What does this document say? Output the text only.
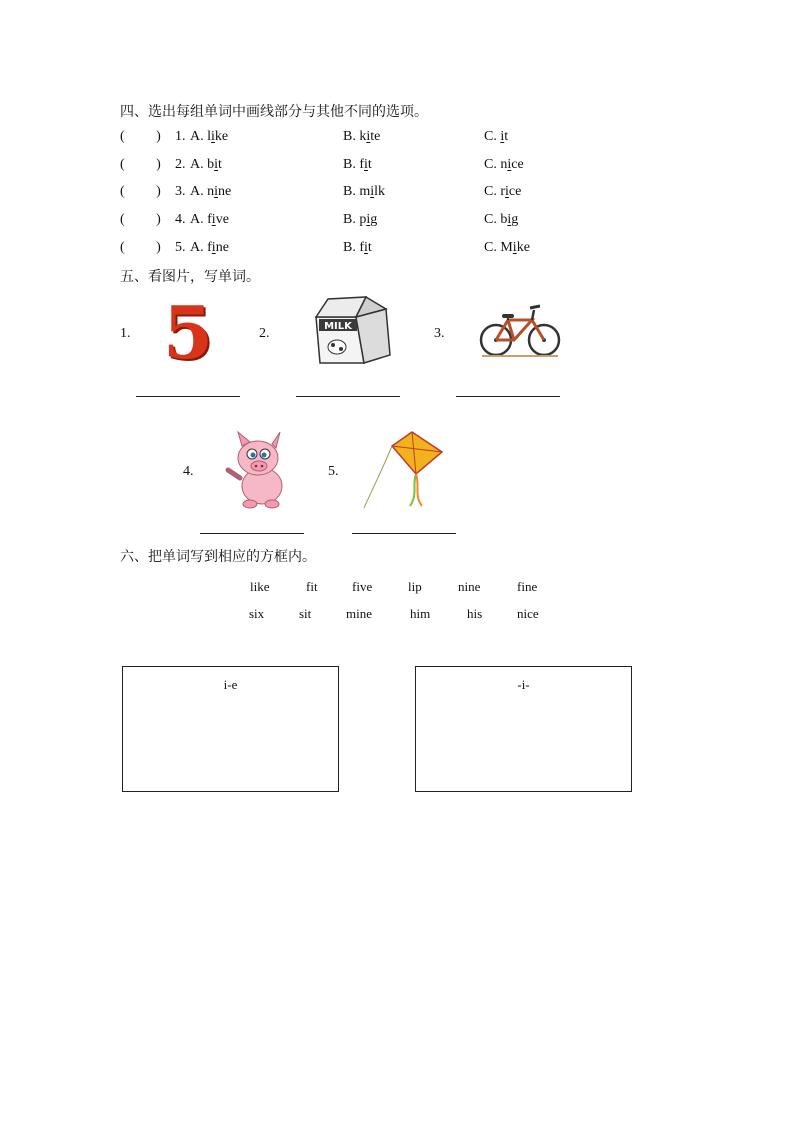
四、选出每组单词中画线部分与其他不同的选项。
(         ) 1. A. like	B. kite	C. it
(         ) 2. A. bit	B. fit	C. nice
(         ) 3. A. nine	B. milk	C. rice
(         ) 4. A. five	B. pig	C. big
(         ) 5. A. fine	B. fit	C. Mike
五、看图片，写单词。
1.	2.	3.
4.	5.
5	MILK
六、把单词写到相应的方框内。
like	fit	five	lip	nine	fine
six	sit	mine	him	his	nice
i-e	-i-
